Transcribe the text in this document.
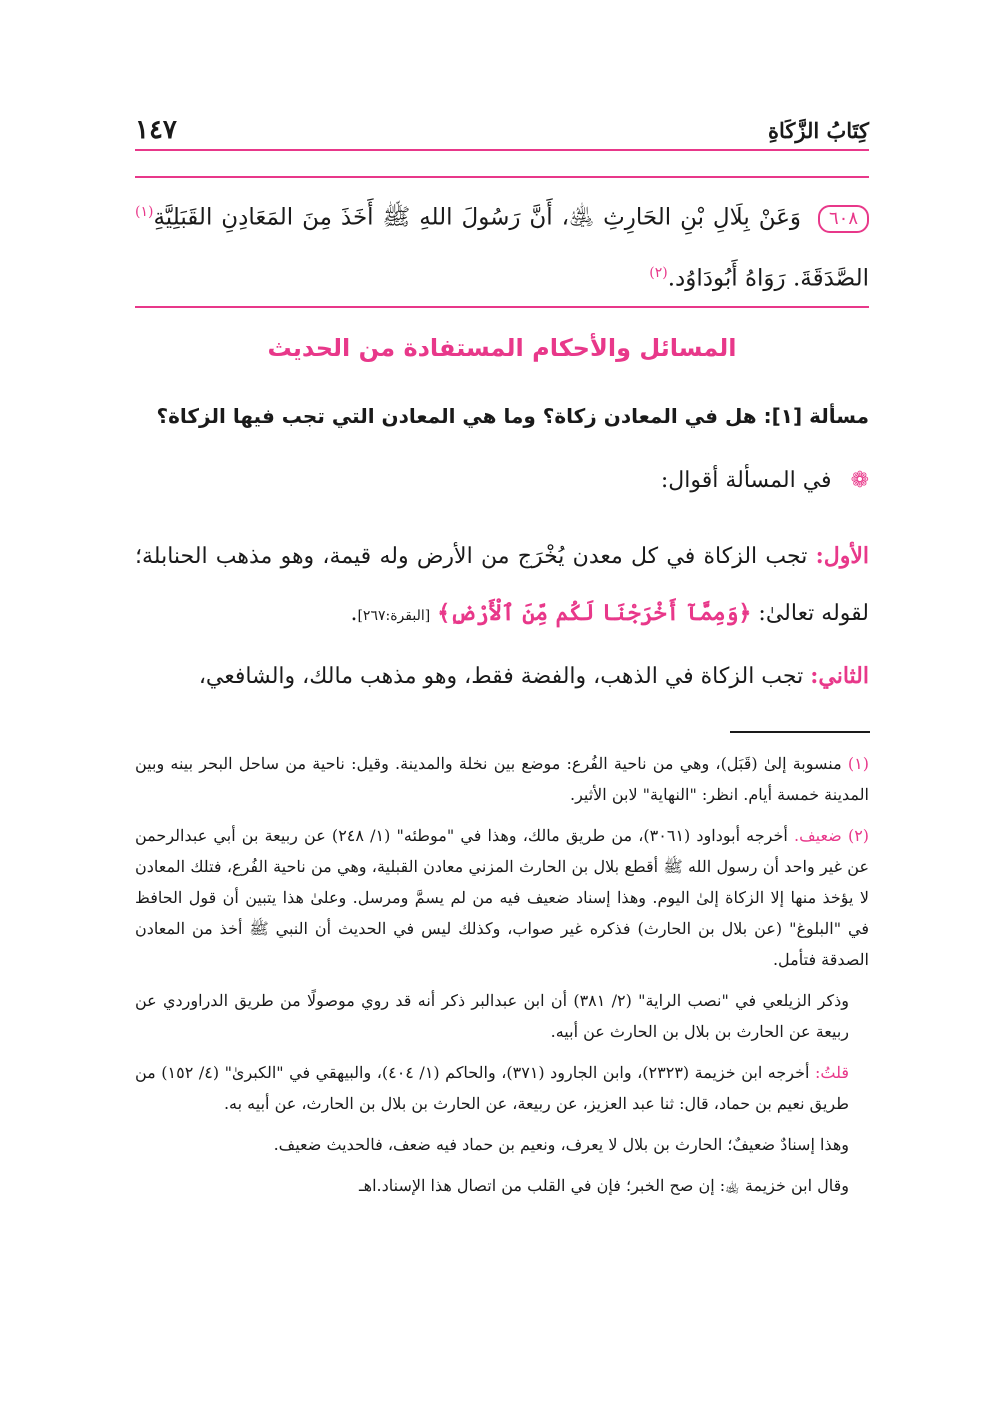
كِتَابُ الزَّكَاةِ
١٤٧
٦٠٨ وَعَنْ بِلَالِ بْنِ الحَارِثِ ﵁، أَنَّ رَسُولَ اللهِ ﷺ أَخَذَ مِنَ المَعَادِنِ القَبَلِيَّةِ$^{(١)}$ الصَّدَقَةَ. رَوَاهُ أَبُودَاوُد.$^{(٢)}$
المسائل والأحكام المستفادة من الحديث
مسألة [١]: هل في المعادن زكاة؟ وما هي المعادن التي تجب فيها الزكاة؟
❁ في المسألة أقوال:
الأول: تجب الزكاة في كل معدن يُخْرَج من الأرض وله قيمة، وهو مذهب الحنابلة؛ لقوله تعالىٰ: ﴿وَمِمَّآ أَخْرَجْنَا لَكُم مِّنَ ٱلْأَرْضِ﴾ [البقرة:٢٦٧].
الثاني: تجب الزكاة في الذهب، والفضة فقط، وهو مذهب مالك، والشافعي،

(١) منسوبة إلىٰ (قَبَل)، وهي من ناحية الفُرع: موضع بين نخلة والمدينة. وقيل: ناحية من ساحل البحر بينه وبين المدينة خمسة أيام. انظر: "النهاية" لابن الأثير.

(٢) ضعيف. أخرجه أبوداود (٣٠٦١)، من طريق مالك، وهذا في "موطئه" (١/ ٢٤٨) عن ربيعة بن أبي عبدالرحمن عن غير واحد أن رسول الله ﷺ أقطع بلال بن الحارث المزني معادن القبلية، وهي من ناحية الفُرع، فتلك المعادن لا يؤخذ منها إلا الزكاة إلىٰ اليوم. وهذا إسناد ضعيف فيه من لم يسمَّ ومرسل. وعلىٰ هذا يتبين أن قول الحافظ في "البلوغ" (عن بلال بن الحارث) فذكره غير صواب، وكذلك ليس في الحديث أن النبي ﷺ أخذ من المعادن الصدقة فتأمل.

وذكر الزيلعي في "نصب الراية" (٢/ ٣٨١) أن ابن عبدالبر ذكر أنه قد روي موصولًا من طريق الدراوردي عن ربيعة عن الحارث بن بلال بن الحارث عن أبيه.

قلتُ: أخرجه ابن خزيمة (٢٣٢٣)، وابن الجارود (٣٧١)، والحاكم (١/ ٤٠٤)، والبيهقي في "الكبرىٰ" (٤/ ١٥٢) من طريق نعيم بن حماد، قال: ثنا عبد العزيز، عن ربيعة، عن الحارث بن بلال بن الحارث، عن أبيه به.

وهذا إسنادٌ ضعيفٌ؛ الحارث بن بلال لا يعرف، ونعيم بن حماد فيه ضعف، فالحديث ضعيف.

وقال ابن خزيمة ﵀: إن صح الخبر؛ فإن في القلب من اتصال هذا الإسناد.اهـ
